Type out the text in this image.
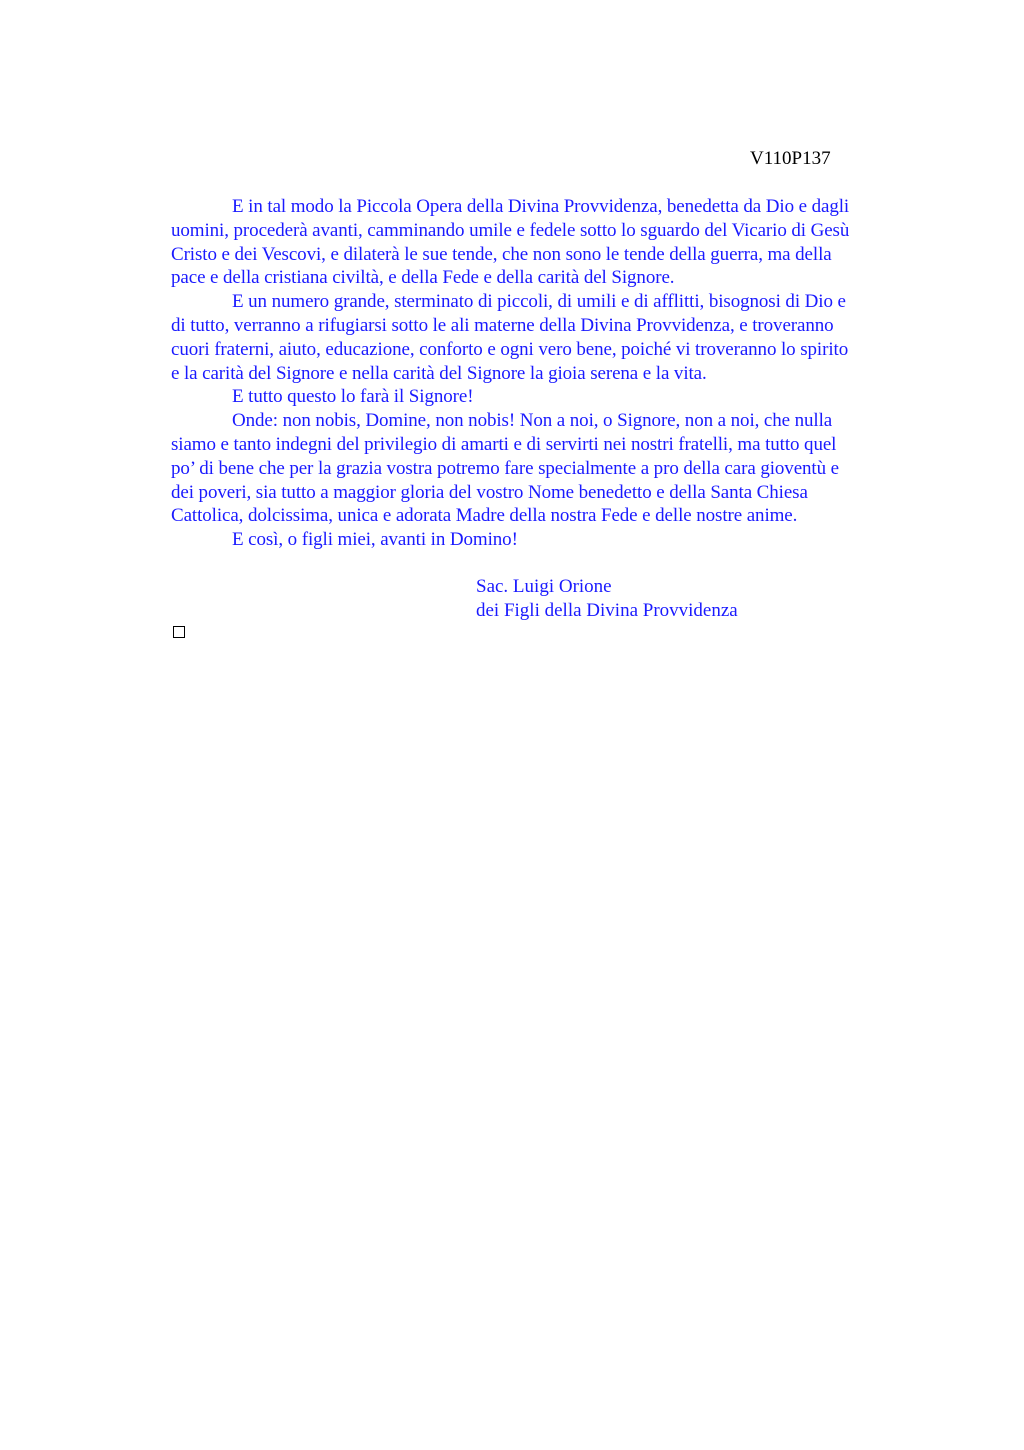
V110P137
E in tal modo la Piccola Opera della Divina Provvidenza, benedetta da Dio e dagli
uomini, procederà avanti, camminando umile e fedele sotto lo sguardo del Vicario di Gesù
Cristo e dei Vescovi, e dilaterà le sue tende, che non sono le tende della guerra, ma della
pace e della cristiana civiltà, e della Fede e della carità del Signore.
E un numero grande, sterminato di piccoli, di umili e di afflitti, bisognosi di Dio e
di tutto, verranno a rifugiarsi sotto le ali materne della Divina Provvidenza, e troveranno
cuori fraterni, aiuto, educazione, conforto e ogni vero bene, poiché vi troveranno lo spirito
e la carità del Signore e nella carità del Signore la gioia serena e la vita.
E tutto questo lo farà il Signore!
Onde: non nobis, Domine, non nobis! Non a noi, o Signore, non a noi, che nulla
siamo e tanto indegni del privilegio di amarti e di servirti nei nostri fratelli, ma tutto quel
po’ di bene che per la grazia vostra potremo fare specialmente a pro della cara gioventù e
dei poveri, sia tutto a maggior gloria del vostro Nome benedetto e della Santa Chiesa
Cattolica, dolcissima, unica e adorata Madre della nostra Fede e delle nostre anime.
E così, o figli miei, avanti in Domino!
Sac. Luigi Orione
dei Figli della Divina Provvidenza
